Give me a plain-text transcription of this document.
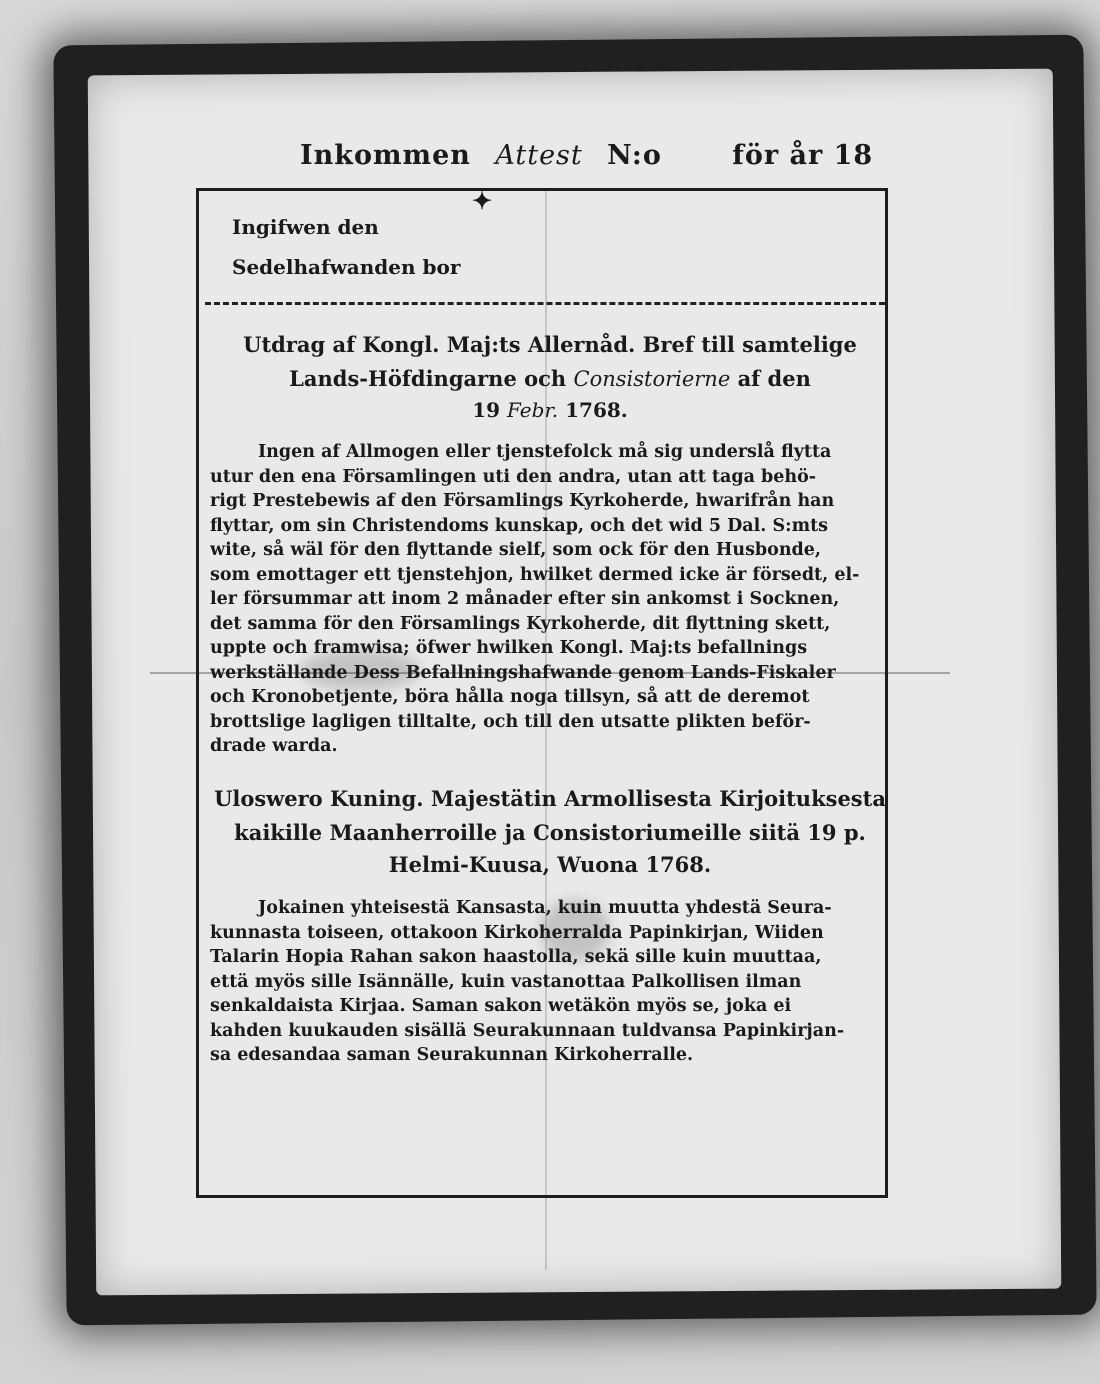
Inkommen Attest N:o	för år 18
✦
Ingifwen den
Sedelhafwanden bor
Utdrag af Kongl. Maj:ts Allernåd. Bref till samtelige
Lands-Höfdingarne och Consistorierne af den
19 Febr. 1768.
Ingen af Allmogen eller tjenstefolck må sig underslå flytta
utur den ena Församlingen uti den andra, utan att taga behö-
rigt Prestebewis af den Församlings Kyrkoherde, hwarifrån han
flyttar, om sin Christendoms kunskap, och det wid 5 Dal. S:mts
wite, så wäl för den flyttande sielf, som ock för den Husbonde,
som emottager ett tjenstehjon, hwilket dermed icke är försedt, el-
ler försummar att inom 2 månader efter sin ankomst i Socknen,
det samma för den Församlings Kyrkoherde, dit flyttning skett,
uppte och framwisa; öfwer hwilken Kongl. Maj:ts befallnings
werkställande Dess Befallningshafwande genom Lands-Fiskaler
och Kronobetjente, böra hålla noga tillsyn, så att de deremot
brottslige lagligen tilltalte, och till den utsatte plikten beför-
drade warda.
Uloswero Kuning. Majestätin Armollisesta Kirjoituksesta
kaikille Maanherroille ja Consistoriumeille siitä 19 p.
Helmi-Kuusa, Wuona 1768.
Jokainen yhteisestä Kansasta, kuin muutta yhdestä Seura-
kunnasta toiseen, ottakoon Kirkoherralda Papinkirjan, Wiiden
Talarin Hopia Rahan sakon haastolla, sekä sille kuin muuttaa,
että myös sille Isännälle, kuin vastanottaa Palkollisen ilman
senkaldaista Kirjaa. Saman sakon wetäkön myös se, joka ei
kahden kuukauden sisällä Seurakunnaan tuldvansa Papinkirjan-
sa edesandaa saman Seurakunnan Kirkoherralle.
